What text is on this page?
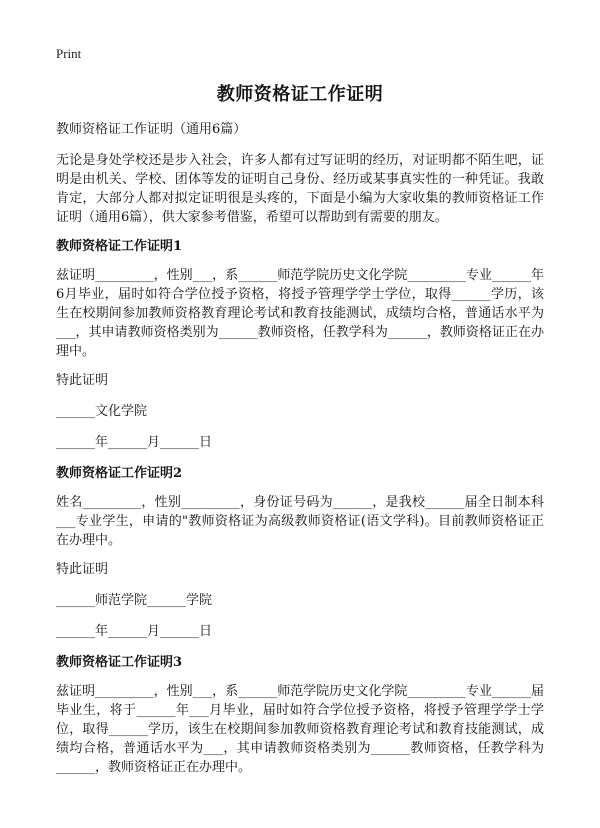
Print
教师资格证工作证明

教师资格证工作证明（通用6篇）

无论是身处学校还是步入社会，许多人都有过写证明的经历，对证明都不陌生吧，证明是由机关、学校、团体等发的证明自己身份、经历或某事真实性的一种凭证。我敢肯定，大部分人都对拟定证明很是头疼的，下面是小编为大家收集的教师资格证工作证明（通用6篇），供大家参考借鉴，希望可以帮助到有需要的朋友。

教师资格证工作证明1

兹证明_________，性别___，系______师范学院历史文化学院_________专业______年6月毕业，届时如符合学位授予资格，将授予管理学学士学位，取得______学历，该生在校期间参加教师资格教育理论考试和教育技能测试，成绩均合格，普通话水平为___，其申请教师资格类别为______教师资格，任教学科为______，教师资格证正在办理中。

特此证明

______文化学院

______年______月______日

教师资格证工作证明2

姓名_________，性别_________，身份证号码为______，是我校______届全日制本科___专业学生，申请的"教师资格证为高级教师资格证(语文学科)。目前教师资格证正在办理中。

特此证明

______师范学院______学院

______年______月______日

教师资格证工作证明3

兹证明_________，性别___，系______师范学院历史文化学院_________专业______届毕业生，将于______年___月毕业，届时如符合学位授予资格，将授予管理学学士学位，取得______学历，该生在校期间参加教师资格教育理论考试和教育技能测试，成绩均合格，普通话水平为___，其申请教师资格类别为______教师资格，任教学科为______，教师资格证正在办理中。
